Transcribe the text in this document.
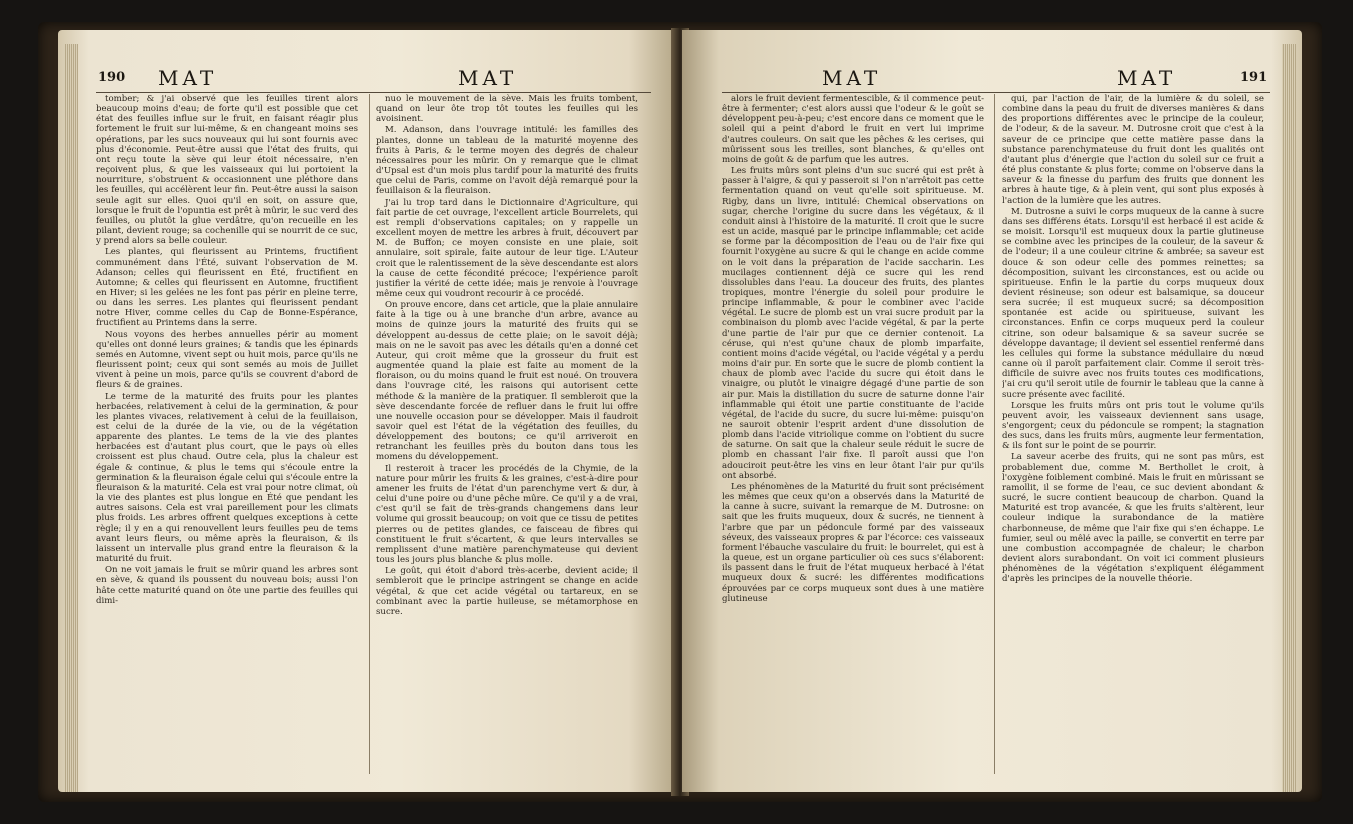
190 MAT	MAT

tomber; & j'ai observé que les feuilles tirent alors beaucoup moins d'eau; de forte qu'il est possible que cet état des feuilles influe sur le fruit, en faisant réagir plus fortement le fruit sur lui-même, & en changeant moins ses opérations, par les sucs nouveaux qui lui sont fournis avec plus d'économie. Peut-être aussi que l'état des fruits, qui ont reçu toute la sève qui leur étoit nécessaire, n'en reçoivent plus, & que les vaisseaux qui lui portoient la nourriture, s'obstruent & occasionnent une pléthore dans les feuilles, qui accélèrent leur fin. Peut-être aussi la saison seule agit sur elles. Quoi qu'il en soit, on assure que, lorsque le fruit de l'opuntia est prêt à mûrir, le suc verd des feuilles, ou plutôt la glue verdâtre, qu'on recueille en les pilant, devient rouge; sa cochenille qui se nourrit de ce suc, y prend alors sa belle couleur.

Les plantes, qui fleurissent au Printems, fructifient communément dans l'Été, suivant l'observation de M. Adanson; celles qui fleurissent en Été, fructifient en Automne; & celles qui fleurissent en Automne, fructifient en Hiver; si les gelées ne les font pas périr en pleine terre, ou dans les serres. Les plantes qui fleurissent pendant notre Hiver, comme celles du Cap de Bonne-Espérance, fructifient au Printems dans la serre.

Nous voyons des herbes annuelles périr au moment qu'elles ont donné leurs graines; & tandis que les épinards semés en Automne, vivent sept ou huit mois, parce qu'ils ne fleurissent point; ceux qui sont semés au mois de Juillet vivent à peine un mois, parce qu'ils se couvrent d'abord de fleurs & de graines.

Le terme de la maturité des fruits pour les plantes herbacées, relativement à celui de la germination, & pour les plantes vivaces, relativement à celui de la feuillaison, est celui de la durée de la vie, ou de la végétation apparente des plantes. Le tems de la vie des plantes herbacées est d'autant plus court, que le pays où elles croissent est plus chaud. Outre cela, plus la chaleur est égale & continue, & plus le tems qui s'écoule entre la germination & la fleuraison égale celui qui s'écoule entre la fleuraison & la maturité. Cela est vrai pour notre climat, où la vie des plantes est plus longue en Été que pendant les autres saisons. Cela est vrai pareillement pour les climats plus froids. Les arbres offrent quelques exceptions à cette règle; il y en a qui renouvellent leurs feuilles peu de tems avant leurs fleurs, ou même après la fleuraison, & ils laissent un intervalle plus grand entre la fleuraison & la maturité du fruit.

On ne voit jamais le fruit se mûrir quand les arbres sont en sève, & quand ils poussent du nouveau bois; aussi l'on hâte cette maturité quand on ôte une partie des feuilles qui dimi-

nuo le mouvement de la sève. Mais les fruits tombent, quand on leur ôte trop tôt toutes les feuilles qui les avoisinent.

M. Adanson, dans l'ouvrage intitulé: les familles des plantes, donne un tableau de la maturité moyenne des fruits à Paris, & le terme moyen des degrés de chaleur nécessaires pour les mûrir. On y remarque que le climat d'Upsal est d'un mois plus tardif pour la maturité des fruits que celui de Paris, comme on l'avoit déjà remarqué pour la feuillaison & la fleuraison.

J'ai lu trop tard dans le Dictionnaire d'Agriculture, qui fait partie de cet ouvrage, l'excellent article Bourrelets, qui est rempli d'observations capitales; on y rappelle un excellent moyen de mettre les arbres à fruit, découvert par M. de Buffon; ce moyen consiste en une plaie, soit annulaire, soit spirale, faite autour de leur tige. L'Auteur croit que le ralentissement de la sève descendante est alors la cause de cette fécondité précoce; l'expérience paroît justifier la vérité de cette idée; mais je renvoie à l'ouvrage même ceux qui voudront recourir à ce procédé.

On prouve encore, dans cet article, que la plaie annulaire faite à la tige ou à une branche d'un arbre, avance au moins de quinze jours la maturité des fruits qui se développent au-dessus de cette plaie; on le savoit déjà; mais on ne le savoit pas avec les détails qu'en a donné cet Auteur, qui croit même que la grosseur du fruit est augmentée quand la plaie est faite au moment de la floraison, ou du moins quand le fruit est noué. On trouvera dans l'ouvrage cité, les raisons qui autorisent cette méthode & la manière de la pratiquer. Il sembleroit que la sève descendante forcée de refluer dans le fruit lui offre une nouvelle occasion pour se développer. Mais il faudroit savoir quel est l'état de la végétation des feuilles, du développement des boutons; ce qu'il arriveroit en retranchant les feuilles près du bouton dans tous les momens du développement.

Il resteroit à tracer les procédés de la Chymie, de la nature pour mûrir les fruits & les graines, c'est-à-dire pour amener les fruits de l'état d'un parenchyme vert & dur, à celui d'une poire ou d'une pêche mûre. Ce qu'il y a de vrai, c'est qu'il se fait de très-grands changemens dans leur volume qui grossit beaucoup; on voit que ce tissu de petites pierres ou de petites glandes, ce faisceau de fibres qui constituent le fruit s'écartent, & que leurs intervalles se remplissent d'une matière parenchymateuse qui devient tous les jours plus blanche & plus molle.

Le goût, qui étoit d'abord très-acerbe, devient acide; il sembleroit que le principe astringent se change en acide végétal, & que cet acide végétal ou tartareux, en se combinant avec la partie huileuse, se métamorphose en sucre.

MAT	MAT	191

alors le fruit devient fermentescible, & il commence peut-être à fermenter; c'est alors aussi que l'odeur & le goût se développent peu-à-peu; c'est encore dans ce moment que le soleil qui a peint d'abord le fruit en vert lui imprime d'autres couleurs. On sait que les pêches & les cerises, qui mûrissent sous les treilles, sont blanches, & qu'elles ont moins de goût & de parfum que les autres.

Les fruits mûrs sont pleins d'un suc sucré qui est prêt à passer à l'aigre, & qui y passeroit si l'on n'arrêtoit pas cette fermentation quand on veut qu'elle soit spiritueuse. M. Rigby, dans un livre, intitulé: Chemical observations on sugar, cherche l'origine du sucre dans les végétaux, & il conduit ainsi à l'histoire de la maturité. Il croit que le sucre est un acide, masqué par le principe inflammable; cet acide se forme par la décomposition de l'eau ou de l'air fixe qui fournit l'oxygène au sucre & qui le change en acide comme on le voit dans la préparation de l'acide saccharin. Les mucilages contiennent déjà ce sucre qui les rend dissolubles dans l'eau. La douceur des fruits, des plantes tropiques, montre l'énergie du soleil pour produire le principe inflammable, & pour le combiner avec l'acide végétal. Le sucre de plomb est un vrai sucre produit par la combinaison du plomb avec l'acide végétal, & par la perte d'une partie de l'air pur que ce dernier contenoit. La céruse, qui n'est qu'une chaux de plomb imparfaite, contient moins d'acide végétal, ou l'acide végétal y a perdu moins d'air pur. En sorte que le sucre de plomb contient la chaux de plomb avec l'acide du sucre qui étoit dans le vinaigre, ou plutôt le vinaigre dégagé d'une partie de son air pur. Mais la distillation du sucre de saturne donne l'air inflammable qui étoit une partie constituante de l'acide végétal, de l'acide du sucre, du sucre lui-même: puisqu'on ne sauroit obtenir l'esprit ardent d'une dissolution de plomb dans l'acide vitriolique comme on l'obtient du sucre de saturne. On sait que la chaleur seule réduit le sucre de plomb en chassant l'air fixe. Il paroît aussi que l'on adouciroit peut-être les vins en leur ôtant l'air pur qu'ils ont absorbé.

Les phénomènes de la Maturité du fruit sont précisément les mêmes que ceux qu'on a observés dans la Maturité de la canne à sucre, suivant la remarque de M. Dutrosne: on sait que les fruits muqueux, doux & sucrés, ne tiennent à l'arbre que par un pédoncule formé par des vaisseaux séveux, des vaisseaux propres & par l'écorce: ces vaisseaux forment l'ébauche vasculaire du fruit: le bourrelet, qui est à la queue, est un organe particulier où ces sucs s'élaborent: ils passent dans le fruit de l'état muqueux herbacé à l'état muqueux doux & sucré: les différentes modifications éprouvées par ce corps muqueux sont dues à une matière glutineuse

qui, par l'action de l'air, de la lumière & du soleil, se combine dans la peau du fruit de diverses manières & dans des proportions différentes avec le principe de la couleur, de l'odeur, & de la saveur. M. Dutrosne croit que c'est à la saveur de ce principe que cette matière passe dans la substance parenchymateuse du fruit dont les qualités ont d'autant plus d'énergie que l'action du soleil sur ce fruit a été plus constante & plus forte; comme on l'observe dans la saveur & la finesse du parfum des fruits que donnent les arbres à haute tige, & à plein vent, qui sont plus exposés à l'action de la lumière que les autres.

M. Dutrosne a suivi le corps muqueux de la canne à sucre dans ses différens états. Lorsqu'il est herbacé il est acide & se moisit. Lorsqu'il est muqueux doux la partie glutineuse se combine avec les principes de la couleur, de la saveur & de l'odeur; il a une couleur citrine & ambrée; sa saveur est douce & son odeur celle des pommes reinettes; sa décomposition, suivant les circonstances, est ou acide ou spiritueuse. Enfin le la partie du corps muqueux doux devient résineuse; son odeur est balsamique, sa douceur sera sucrée; il est muqueux sucré; sa décomposition spontanée est acide ou spiritueuse, suivant les circonstances. Enfin ce corps muqueux perd la couleur citrine, son odeur balsamique & sa saveur sucrée se développe davantage; il devient sel essentiel renfermé dans les cellules qui forme la substance médullaire du nœud canne où il paroît parfaitement clair. Comme il seroit très-difficile de suivre avec nos fruits toutes ces modifications, j'ai cru qu'il seroit utile de fournir le tableau que la canne à sucre présente avec facilité.

Lorsque les fruits mûrs ont pris tout le volume qu'ils peuvent avoir, les vaisseaux deviennent sans usage, s'engorgent; ceux du pédoncule se rompent; la stagnation des sucs, dans les fruits mûrs, augmente leur fermentation, & ils font sur le point de se pourrir.

La saveur acerbe des fruits, qui ne sont pas mûrs, est probablement due, comme M. Berthollet le croit, à l'oxygène foiblement combiné. Mais le fruit en mûrissant se ramollit, il se forme de l'eau, ce suc devient abondant & sucré, le sucre contient beaucoup de charbon. Quand la Maturité est trop avancée, & que les fruits s'altèrent, leur couleur indique la surabondance de la matière charbonneuse, de même que l'air fixe qui s'en échappe. Le fumier, seul ou mêlé avec la paille, se convertit en terre par une combustion accompagnée de chaleur; le charbon devient alors surabondant. On voit ici comment plusieurs phénomènes de la végétation s'expliquent élégamment d'après les principes de la nouvelle théorie.
